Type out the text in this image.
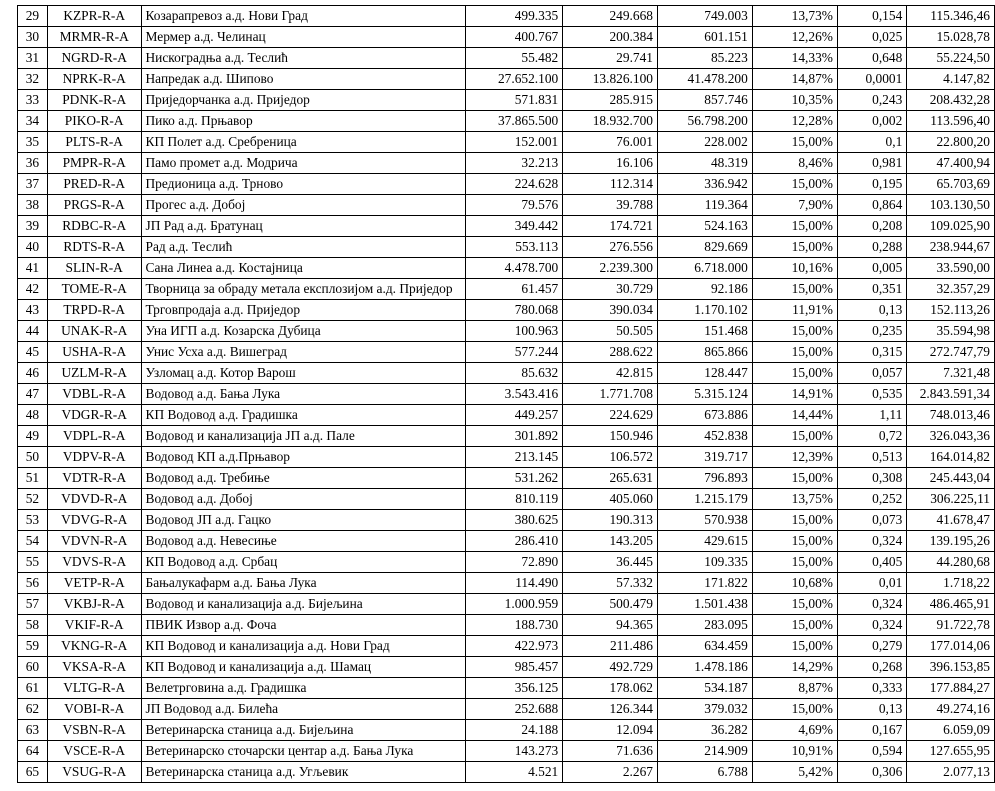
29	KZPR-R-A	Козарапревоз а.д. Нови Град	499.335	249.668	749.003	13,73%	0,154	115.346,46
30	MRMR-R-A	Мермер а.д. Челинац	400.767	200.384	601.151	12,26%	0,025	15.028,78
31	NGRD-R-A	Нискоградња а.д. Теслић	55.482	29.741	85.223	14,33%	0,648	55.224,50
32	NPRK-R-A	Напредак а.д. Шипово	27.652.100	13.826.100	41.478.200	14,87%	0,0001	4.147,82
33	PDNK-R-A	Приједорчанка а.д. Приједор	571.831	285.915	857.746	10,35%	0,243	208.432,28
34	PIKO-R-A	Пико а.д. Прњавор	37.865.500	18.932.700	56.798.200	12,28%	0,002	113.596,40
35	PLTS-R-A	КП Полет а.д. Сребреница	152.001	76.001	228.002	15,00%	0,1	22.800,20
36	PMPR-R-A	Памо промет а.д. Модрича	32.213	16.106	48.319	8,46%	0,981	47.400,94
37	PRED-R-A	Предионица а.д. Трново	224.628	112.314	336.942	15,00%	0,195	65.703,69
38	PRGS-R-A	Прогес а.д. Добој	79.576	39.788	119.364	7,90%	0,864	103.130,50
39	RDBC-R-A	ЈП Рад а.д. Братунац	349.442	174.721	524.163	15,00%	0,208	109.025,90
40	RDTS-R-A	Рад а.д. Теслић	553.113	276.556	829.669	15,00%	0,288	238.944,67
41	SLIN-R-A	Сана Линеа а.д. Костајница	4.478.700	2.239.300	6.718.000	10,16%	0,005	33.590,00
42	TOME-R-A	Творница за обраду метала експлозијом а.д. Приједор	61.457	30.729	92.186	15,00%	0,351	32.357,29
43	TRPD-R-A	Трговпродаја а.д. Приједор	780.068	390.034	1.170.102	11,91%	0,13	152.113,26
44	UNAK-R-A	Уна ИГП а.д. Козарска Дубица	100.963	50.505	151.468	15,00%	0,235	35.594,98
45	USHA-R-A	Унис Усха а.д. Вишеград	577.244	288.622	865.866	15,00%	0,315	272.747,79
46	UZLM-R-A	Узломац а.д. Котор Варош	85.632	42.815	128.447	15,00%	0,057	7.321,48
47	VDBL-R-A	Водовод а.д. Бања Лука	3.543.416	1.771.708	5.315.124	14,91%	0,535	2.843.591,34
48	VDGR-R-A	КП Водовод а.д. Градишка	449.257	224.629	673.886	14,44%	1,11	748.013,46
49	VDPL-R-A	Водовод и канализација ЈП а.д. Пале	301.892	150.946	452.838	15,00%	0,72	326.043,36
50	VDPV-R-A	Водовод КП а.д.Прњавор	213.145	106.572	319.717	12,39%	0,513	164.014,82
51	VDTR-R-A	Водовод а.д. Требиње	531.262	265.631	796.893	15,00%	0,308	245.443,04
52	VDVD-R-A	Водовод а.д. Добој	810.119	405.060	1.215.179	13,75%	0,252	306.225,11
53	VDVG-R-A	Водовод ЈП а.д. Гацко	380.625	190.313	570.938	15,00%	0,073	41.678,47
54	VDVN-R-A	Водовод а.д. Невесиње	286.410	143.205	429.615	15,00%	0,324	139.195,26
55	VDVS-R-A	КП Водовод а.д. Србац	72.890	36.445	109.335	15,00%	0,405	44.280,68
56	VETP-R-A	Бањалукафарм а.д. Бања Лука	114.490	57.332	171.822	10,68%	0,01	1.718,22
57	VKBJ-R-A	Водовод и канализација а.д. Бијељина	1.000.959	500.479	1.501.438	15,00%	0,324	486.465,91
58	VKIF-R-A	ПВИК Извор а.д. Фоча	188.730	94.365	283.095	15,00%	0,324	91.722,78
59	VKNG-R-A	КП Водовод и канализација а.д. Нови Град	422.973	211.486	634.459	15,00%	0,279	177.014,06
60	VKSA-R-A	КП Водовод и канализација а.д. Шамац	985.457	492.729	1.478.186	14,29%	0,268	396.153,85
61	VLTG-R-A	Велетрговина а.д. Градишка	356.125	178.062	534.187	8,87%	0,333	177.884,27
62	VOBI-R-A	ЈП Водовод а.д. Билећа	252.688	126.344	379.032	15,00%	0,13	49.274,16
63	VSBN-R-A	Ветеринарска станица а.д. Бијељина	24.188	12.094	36.282	4,69%	0,167	6.059,09
64	VSCE-R-A	Ветеринарско сточарски центар а.д. Бања Лука	143.273	71.636	214.909	10,91%	0,594	127.655,95
65	VSUG-R-A	Ветеринарска станица а.д. Угљевик	4.521	2.267	6.788	5,42%	0,306	2.077,13
